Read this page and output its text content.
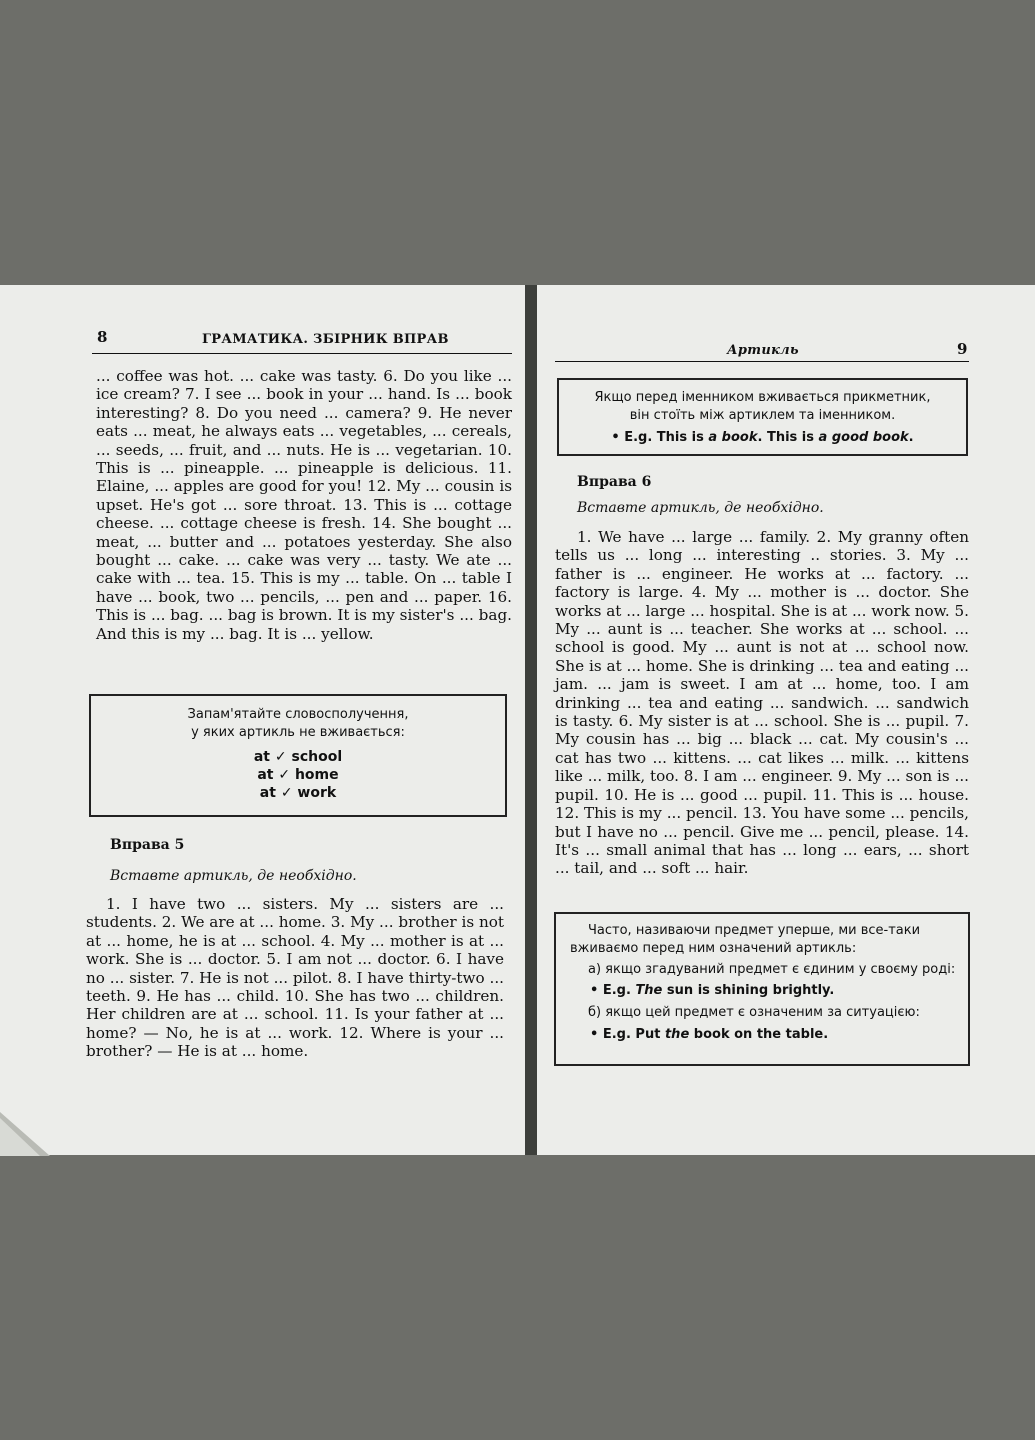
8	ГРАМАТИКА. ЗБІРНИК ВПРАВ
... coffee was hot. ... cake was tasty. 6. Do you like ... ice cream? 7. I see ... book in your ... hand. Is ... book interesting? 8. Do you need ... camera? 9. He never eats ... meat, he always eats ... vegetables, ... cereals, ... seeds, ... fruit, and ... nuts. He is ... vegetarian. 10. This is ... pineapple. ... pineapple is delicious. 11. Elaine, ... apples are good for you! 12. My ... cousin is upset. He's got ... sore throat. 13. This is ... cottage cheese. ... cottage cheese is fresh. 14. She bought ... meat, ... butter and ... potatoes yesterday. She also bought ... cake. ... cake was very ... tasty. We ate ... cake with ... tea. 15. This is my ... table. On ... table I have ... book, two ... pencils, ... pen and ... paper. 16. This is ... bag. ... bag is brown. It is my sister's ... bag. And this is my ... bag. It is ... yellow.
Запам'ятайте словосполучення,
у яких артикль не вживається:
at ✓ school
at ✓ home
at ✓ work
Вправа 5
Вставте артикль, де необхідно.
1. I have two ... sisters. My ... sisters are ... students. 2. We are at ... home. 3. My ... brother is not at ... home, he is at ... school. 4. My ... mother is at ... work. She is ... doctor. 5. I am not ... doctor. 6. I have no ... sister. 7. He is not ... pilot. 8. I have thirty-two ... teeth. 9. He has ... child. 10. She has two ... children. Her children are at ... school. 11. Is your father at ... home? — No, he is at ... work. 12. Where is your ... brother? — He is at ... home.
Артикль	9
Якщо перед іменником вживається прикметник,
він стоїть між артиклем та іменником.
• E.g. This is a book. This is a good book.
Вправа 6
Вставте артикль, де необхідно.
1. We have ... large ... family. 2. My granny often tells us ... long ... interesting .. stories. 3. My ... father is ... engineer. He works at ... factory. ... factory is large. 4. My ... mother is ... doctor. She works at ... large ... hospital. She is at ... work now. 5. My ... aunt is ... teacher. She works at ... school. ... school is good. My ... aunt is not at ... school now. She is at ... home. She is drinking ... tea and eating ... jam. ... jam is sweet. I am at ... home, too. I am drinking ... tea and eating ... sandwich. ... sandwich is tasty. 6. My sister is at ... school. She is ... pupil. 7. My cousin has ... big ... black ... cat. My cousin's ... cat has two ... kittens. ... cat likes ... milk. ... kittens like ... milk, too. 8. I am ... engineer. 9. My ... son is ... pupil. 10. He is ... good ... pupil. 11. This is ... house. 12. This is my ... pencil. 13. You have some ... pencils, but I have no ... pencil. Give me ... pencil, please. 14. It's ... small animal that has ... long ... ears, ... short ... tail, and ... soft ... hair.
Часто, називаючи предмет уперше, ми все-таки вживаємо перед ним означений артикль:
а) якщо згадуваний предмет є єдиним у своєму роді:
• E.g. The sun is shining brightly.
б) якщо цей предмет є означеним за ситуацією:
• E.g. Put the book on the table.
